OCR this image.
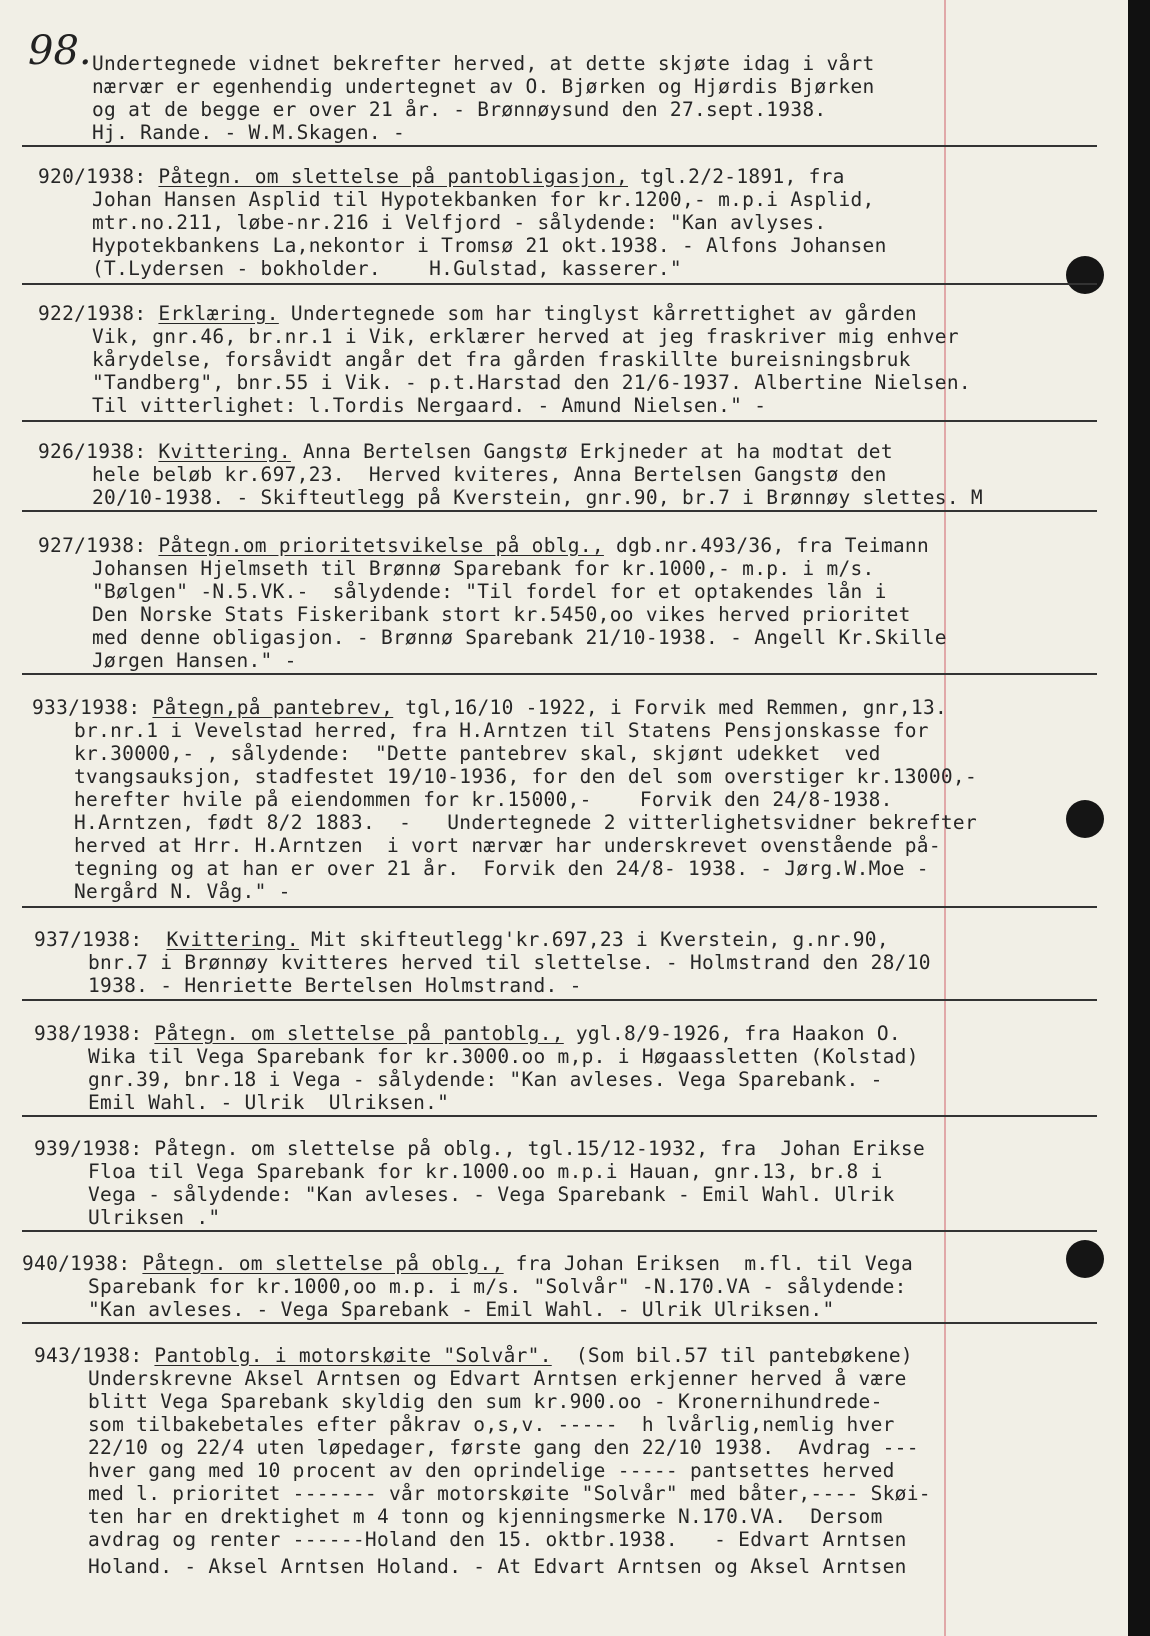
98. Undertegnede vidnet bekrefter herved, at dette skjøte idag i vårt
nærvær er egenhendig undertegnet av O. Bjørken og Hjørdis Bjørken
og at de begge er over 21 år. - Brønnøysund den 27.sept.1938.
Hj. Rande. - W.M.Skagen. -
920/1938: Påtegn. om slettelse på pantobligasjon, tgl.2/2-1891, fra
Johan Hansen Asplid til Hypotekbanken for kr.1200,- m.p.i Asplid,
mtr.no.211, løbe-nr.216 i Velfjord - sålydende: "Kan avlyses.
Hypotekbankens La,nekontor i Tromsø 21 okt.1938. - Alfons Johansen
(T.Lydersen - bokholder.    H.Gulstad, kasserer."
922/1938: Erklæring. Undertegnede som har tinglyst kårrettighet av gården
Vik, gnr.46, br.nr.1 i Vik, erklærer herved at jeg fraskriver mig enhver
kårydelse, forsåvidt angår det fra gården fraskillte bureisningsbruk
"Tandberg", bnr.55 i Vik. - p.t.Harstad den 21/6-1937. Albertine Nielsen.
Til vitterlighet: l.Tordis Nergaard. - Amund Nielsen." -
926/1938: Kvittering. Anna Bertelsen Gangstø Erkjneder at ha modtat det
hele beløb kr.697,23.  Herved kviteres, Anna Bertelsen Gangstø den
20/10-1938. - Skifteutlegg på Kverstein, gnr.90, br.7 i Brønnøy slettes. M
927/1938: Påtegn.om prioritetsvikelse på oblg., dgb.nr.493/36, fra Teimann
Johansen Hjelmseth til Brønnø Sparebank for kr.1000,- m.p. i m/s.
"Bølgen" -N.5.VK.-  sålydende: "Til fordel for et optakendes lån i
Den Norske Stats Fiskeribank stort kr.5450,oo vikes herved prioritet
med denne obligasjon. - Brønnø Sparebank 21/10-1938. - Angell Kr.Skille
Jørgen Hansen." -
933/1938: Påtegn,på pantebrev, tgl,16/10 -1922, i Forvik med Remmen, gnr,13.
br.nr.1 i Vevelstad herred, fra H.Arntzen til Statens Pensjonskasse for
kr.30000,- , sålydende:  "Dette pantebrev skal, skjønt udekket  ved
tvangsauksjon, stadfestet 19/10-1936, for den del som overstiger kr.13000,-
herefter hvile på eiendommen for kr.15000,-    Forvik den 24/8-1938.
H.Arntzen, født 8/2 1883.  -   Undertegnede 2 vitterlighetsvidner bekrefter
herved at Hrr. H.Arntzen  i vort nærvær har underskrevet ovenstående på-
tegning og at han er over 21 år.  Forvik den 24/8- 1938. - Jørg.W.Moe -
Nergård N. Våg." -
937/1938: Kvittering. Mit skifteutlegg'kr.697,23 i Kverstein, g.nr.90,
bnr.7 i Brønnøy kvitteres herved til slettelse. - Holmstrand den 28/10
1938. - Henriette Bertelsen Holmstrand. -
938/1938: Påtegn. om slettelse på pantoblg., ygl.8/9-1926, fra Haakon O.
Wika til Vega Sparebank for kr.3000.oo m,p. i Høgaassletten (Kolstad)
gnr.39, bnr.18 i Vega - sålydende: "Kan avleses. Vega Sparebank. -
Emil Wahl. - Ulrik  Ulriksen."
939/1938: Påtegn. om slettelse på oblg., tgl.15/12-1932, fra  Johan Erikse
Floa til Vega Sparebank for kr.1000.oo m.p.i Hauan, gnr.13, br.8 i
Vega - sålydende: "Kan avleses. - Vega Sparebank - Emil Wahl. Ulrik
Ulriksen ."
940/1938: Påtegn. om slettelse på oblg., fra Johan Eriksen  m.fl. til Vega
Sparebank for kr.1000,oo m.p. i m/s. "Solvår" -N.170.VA - sålydende:
"Kan avleses. - Vega Sparebank - Emil Wahl. - Ulrik Ulriksen."
943/1938: Pantoblg. i motorskøite "Solvår".  (Som bil.57 til pantebøkene)
Underskrevne Aksel Arntsen og Edvart Arntsen erkjenner herved å være
blitt Vega Sparebank skyldig den sum kr.900.oo - Kronernihundrede-
som tilbakebetales efter påkrav o,s,v. -----  h lvårlig,nemlig hver
22/10 og 22/4 uten løpedager, første gang den 22/10 1938.  Avdrag ---
hver gang med 10 procent av den oprindelige ----- pantsettes herved
med l. prioritet ------- vår motorskøite "Solvår" med båter,---- Skøi-
ten har en drektighet m 4 tonn og kjenningsmerke N.170.VA.  Dersom
avdrag og renter ------Holand den 15. oktbr.1938.   - Edvart Arntsen
Holand. - Aksel Arntsen Holand. - At Edvart Arntsen og Aksel Arntsen
